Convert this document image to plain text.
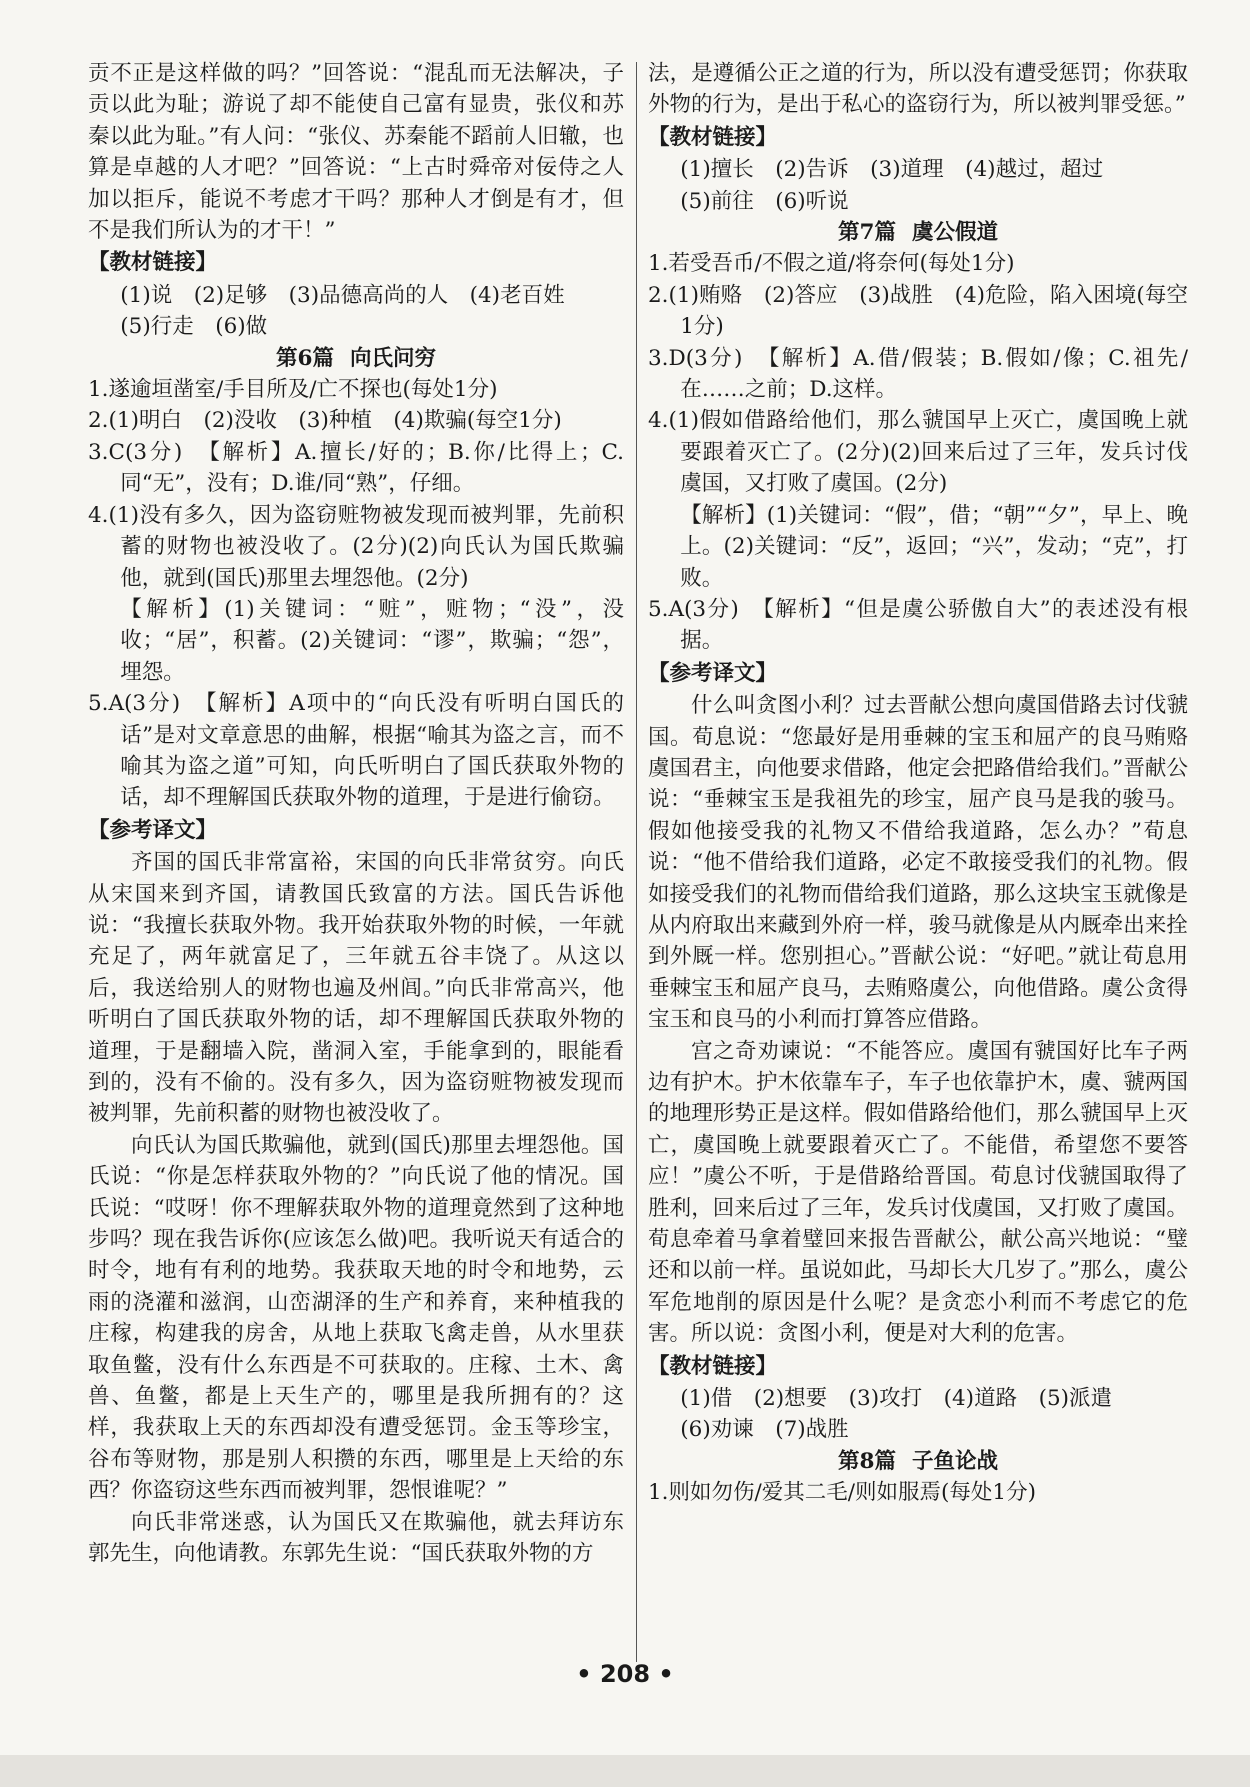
贡不正是这样做的吗？”回答说：“混乱而无法解决，子贡以此为耻；游说了却不能使自己富有显贵，张仪和苏秦以此为耻。”有人问：“张仪、苏秦能不蹈前人旧辙，也算是卓越的人才吧？”回答说：“上古时舜帝对佞侍之人加以拒斥，能说不考虑才干吗？那种人才倒是有才，但不是我们所认为的才干！”

【教材链接】

(1)说　(2)足够　(3)品德高尚的人　(4)老百姓

(5)行走　(6)做

第6篇 向氏问穷

1.遂逾垣凿室/手目所及/亡不探也(每处1分)

2.(1)明白　(2)没收　(3)种植　(4)欺骗(每空1分)

3.C(3分)　【解析】A.擅长/好的；B.你/比得上；C.同“无”，没有；D.谁/同“熟”，仔细。

4.(1)没有多久，因为盗窃赃物被发现而被判罪，先前积蓄的财物也被没收了。(2分)(2)向氏认为国氏欺骗他，就到(国氏)那里去埋怨他。(2分)

【解析】(1)关键词：“赃”，赃物；“没”，没收；“居”，积蓄。(2)关键词：“谬”，欺骗；“怨”，埋怨。

5.A(3分)　【解析】A项中的“向氏没有听明白国氏的话”是对文章意思的曲解，根据“喻其为盗之言，而不喻其为盗之道”可知，向氏听明白了国氏获取外物的话，却不理解国氏获取外物的道理，于是进行偷窃。

【参考译文】

齐国的国氏非常富裕，宋国的向氏非常贫穷。向氏从宋国来到齐国，请教国氏致富的方法。国氏告诉他说：“我擅长获取外物。我开始获取外物的时候，一年就充足了，两年就富足了，三年就五谷丰饶了。从这以后，我送给别人的财物也遍及州闾。”向氏非常高兴，他听明白了国氏获取外物的话，却不理解国氏获取外物的道理，于是翻墙入院，凿洞入室，手能拿到的，眼能看到的，没有不偷的。没有多久，因为盗窃赃物被发现而被判罪，先前积蓄的财物也被没收了。

向氏认为国氏欺骗他，就到(国氏)那里去埋怨他。国氏说：“你是怎样获取外物的？”向氏说了他的情况。国氏说：“哎呀！你不理解获取外物的道理竟然到了这种地步吗？现在我告诉你(应该怎么做)吧。我听说天有适合的时令，地有有利的地势。我获取天地的时令和地势，云雨的浇灌和滋润，山峦湖泽的生产和养育，来种植我的庄稼，构建我的房舍，从地上获取飞禽走兽，从水里获取鱼鳖，没有什么东西是不可获取的。庄稼、土木、禽兽、鱼鳖，都是上天生产的，哪里是我所拥有的？这样，我获取上天的东西却没有遭受惩罚。金玉等珍宝，谷布等财物，那是别人积攒的东西，哪里是上天给的东西？你盗窃这些东西而被判罪，怨恨谁呢？”

向氏非常迷惑，认为国氏又在欺骗他，就去拜访东郭先生，向他请教。东郭先生说：“国氏获取外物的方

法，是遵循公正之道的行为，所以没有遭受惩罚；你获取外物的行为，是出于私心的盗窃行为，所以被判罪受惩。”

【教材链接】

(1)擅长　(2)告诉　(3)道理　(4)越过，超过

(5)前往　(6)听说

第7篇 虞公假道

1.若受吾币/不假之道/将奈何(每处1分)

2.(1)贿赂　(2)答应　(3)战胜　(4)危险，陷入困境(每空1分)

3.D(3分)　【解析】A.借/假装；B.假如/像；C.祖先/在……之前；D.这样。

4.(1)假如借路给他们，那么虢国早上灭亡，虞国晚上就要跟着灭亡了。(2分)(2)回来后过了三年，发兵讨伐虞国，又打败了虞国。(2分)

【解析】(1)关键词：“假”，借；“朝”“夕”，早上、晚上。(2)关键词：“反”，返回；“兴”，发动；“克”，打败。

5.A(3分)　【解析】“但是虞公骄傲自大”的表述没有根据。

【参考译文】

什么叫贪图小利？过去晋献公想向虞国借路去讨伐虢国。荀息说：“您最好是用垂棘的宝玉和屈产的良马贿赂虞国君主，向他要求借路，他定会把路借给我们。”晋献公说：“垂棘宝玉是我祖先的珍宝，屈产良马是我的骏马。假如他接受我的礼物又不借给我道路，怎么办？”荀息说：“他不借给我们道路，必定不敢接受我们的礼物。假如接受我们的礼物而借给我们道路，那么这块宝玉就像是从内府取出来藏到外府一样，骏马就像是从内厩牵出来拴到外厩一样。您别担心。”晋献公说：“好吧。”就让荀息用垂棘宝玉和屈产良马，去贿赂虞公，向他借路。虞公贪得宝玉和良马的小利而打算答应借路。

宫之奇劝谏说：“不能答应。虞国有虢国好比车子两边有护木。护木依靠车子，车子也依靠护木，虞、虢两国的地理形势正是这样。假如借路给他们，那么虢国早上灭亡，虞国晚上就要跟着灭亡了。不能借，希望您不要答应！”虞公不听，于是借路给晋国。荀息讨伐虢国取得了胜利，回来后过了三年，发兵讨伐虞国，又打败了虞国。荀息牵着马拿着璧回来报告晋献公，献公高兴地说：“璧还和以前一样。虽说如此，马却长大几岁了。”那么，虞公军危地削的原因是什么呢？是贪恋小利而不考虑它的危害。所以说：贪图小利，便是对大利的危害。

【教材链接】

(1)借　(2)想要　(3)攻打　(4)道路　(5)派遣

(6)劝谏　(7)战胜

第8篇 子鱼论战

1.则如勿伤/爱其二毛/则如服焉(每处1分)

• 208 •
